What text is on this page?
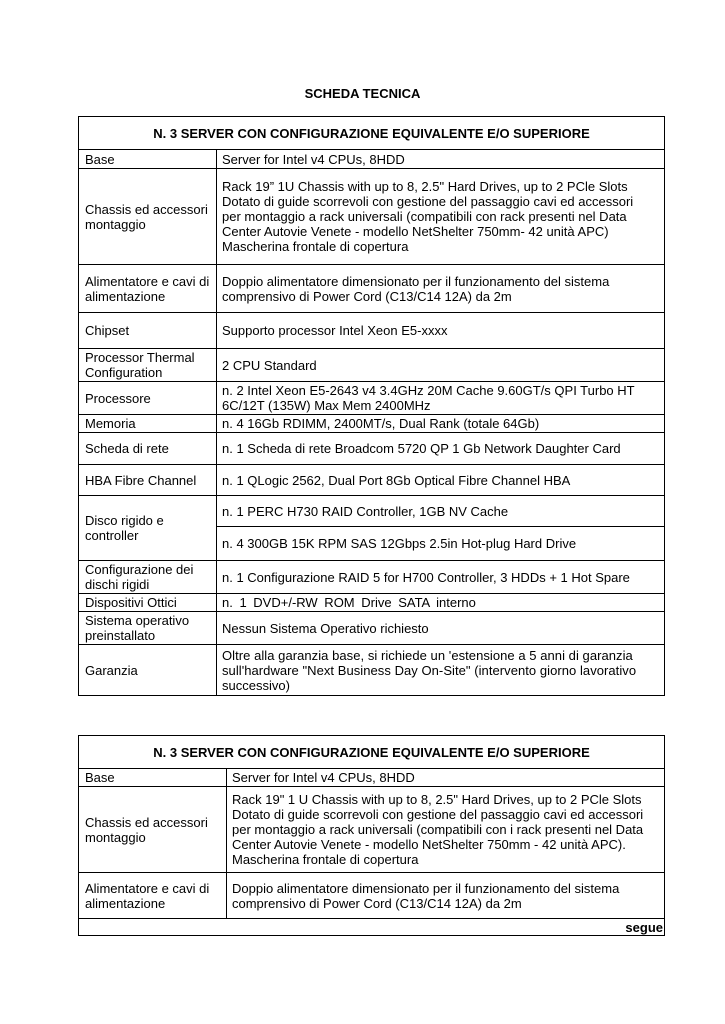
SCHEDA TECNICA
N. 3 SERVER CON CONFIGURAZIONE EQUIVALENTE E/O SUPERIORE	
Base	Server for Intel v4 CPUs, 8HDD

Chassis ed accessori montaggio	Rack 19” 1U Chassis with up to 8, 2.5" Hard Drives, up to 2 PCle Slots
Dotato di guide scorrevoli con gestione del passaggio cavi ed accessori
per montaggio a rack universali (compatibili con rack presenti nel Data
Center Autovie Venete - modello NetShelter 750mm- 42 unità APC)
Mascherina frontale di copertura

Alimentatore e cavi di alimentazione	Doppio alimentatore dimensionato per il funzionamento del sistema
comprensivo di Power Cord (C13/C14 12A) da 2m

Chipset	Supporto processor Intel Xeon E5-xxxx

Processor Thermal Configuration	2 CPU Standard

Processore	n. 2 Intel Xeon E5-2643 v4 3.4GHz 20M Cache 9.60GT/s QPI Turbo HT
6C/12T (135W) Max Mem 2400MHz

Memoria	n. 4 16Gb RDIMM, 2400MT/s, Dual Rank (totale 64Gb)

Scheda di rete	n. 1 Scheda di rete Broadcom 5720 QP 1 Gb Network Daughter Card

HBA Fibre Channel	n. 1 QLogic 2562, Dual Port 8Gb Optical Fibre Channel HBA

Disco rigido e controller	n. 1 PERC H730 RAID Controller, 1GB NV Cache

	n. 4 300GB 15K RPM SAS 12Gbps 2.5in Hot-plug Hard Drive

Configurazione dei dischi rigidi	n. 1 Configurazione RAID 5 for H700 Controller, 3 HDDs + 1 Hot Spare

Dispositivi Ottici	n. 1 DVD+/-RW ROM Drive SATA interno

Sistema operativo preinstallato	Nessun Sistema Operativo richiesto

Garanzia	Oltre alla garanzia base, si richiede un 'estensione a 5 anni di garanzia
sull'hardware "Next Business Day On-Site" (intervento giorno lavorativo
successivo)
N. 3 SERVER CON CONFIGURAZIONE EQUIVALENTE E/O SUPERIORE	
Base	Server for Intel v4 CPUs, 8HDD

Chassis ed accessori montaggio	Rack 19" 1 U Chassis with up to 8, 2.5" Hard Drives, up to 2 PCle Slots
Dotato di guide scorrevoli con gestione del passaggio cavi ed accessori
per montaggio a rack universali (compatibili con i rack presenti nel Data
Center Autovie Venete - modello NetShelter 750mm - 42 unità APC).
Mascherina frontale di copertura

Alimentatore e cavi di alimentazione	Doppio alimentatore dimensionato per il funzionamento del sistema
comprensivo di Power Cord (C13/C14 12A) da 2m

segue	
